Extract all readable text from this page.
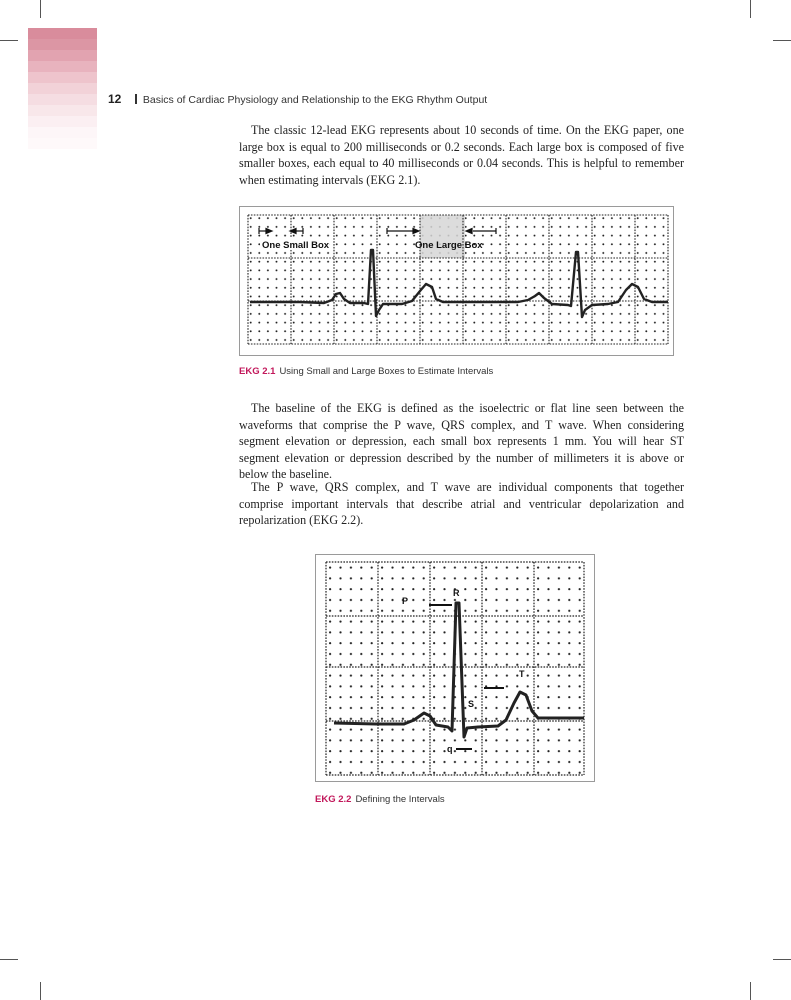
12 Basics of Cardiac Physiology and Relationship to the EKG Rhythm Output

The classic 12-lead EKG represents about 10 seconds of time. On the EKG paper, one large box is equal to 200 milliseconds or 0.2 seconds. Each large box is composed of five smaller boxes, each equal to 40 milliseconds or 0.04 seconds. This is helpful to remember when estimating intervals (EKG 2.1).

One Small Box	One Large Box
EKG 2.1 Using Small and Large Boxes to Estimate Intervals

The baseline of the EKG is defined as the isoelectric or flat line seen between the waveforms that comprise the P wave, QRS complex, and T wave. When considering segment elevation or depression, each small box represents 1 mm. You will hear ST segment elevation or depression described by the number of millimeters it is above or below the baseline.

The P wave, QRS complex, and T wave are individual components that together comprise important intervals that describe atrial and ventricular depolarization and repolarization (EKG 2.2).

P
R
T
S
q
EKG 2.2 Defining the Intervals
